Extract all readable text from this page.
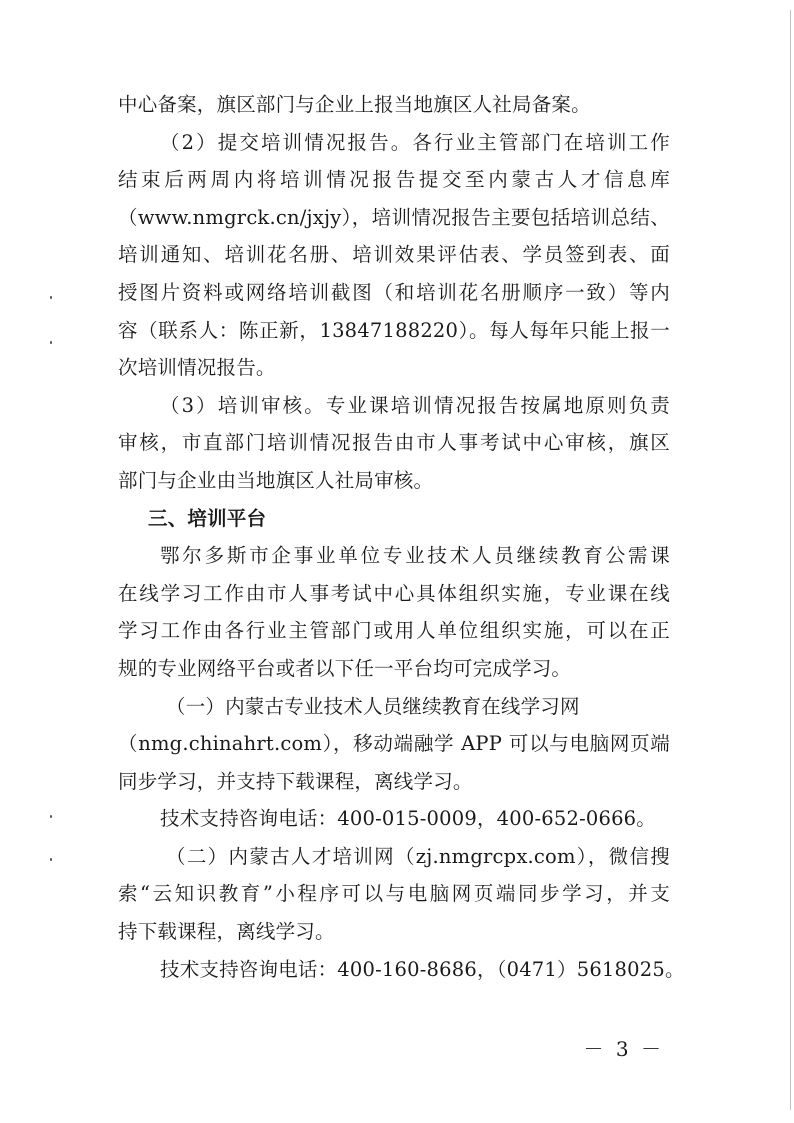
中心备案，旗区部门与企业上报当地旗区人社局备案。
（2）提交培训情况报告。各行业主管部门在培训工作
结束后两周内将培训情况报告提交至内蒙古人才信息库
（www.nmgrck.cn/jxjy），培训情况报告主要包括培训总结、
培训通知、培训花名册、培训效果评估表、学员签到表、面
授图片资料或网络培训截图（和培训花名册顺序一致）等内
容（联系人：陈正新，13847188220）。每人每年只能上报一
次培训情况报告。
（3）培训审核。专业课培训情况报告按属地原则负责
审核，市直部门培训情况报告由市人事考试中心审核，旗区
部门与企业由当地旗区人社局审核。
三、培训平台
鄂尔多斯市企事业单位专业技术人员继续教育公需课
在线学习工作由市人事考试中心具体组织实施，专业课在线
学习工作由各行业主管部门或用人单位组织实施，可以在正
规的专业网络平台或者以下任一平台均可完成学习。
（一）内蒙古专业技术人员继续教育在线学习网
（nmg.chinahrt.com），移动端融学 APP 可以与电脑网页端
同步学习，并支持下载课程，离线学习。
技术支持咨询电话：400-015-0009，400-652-0666。
（二）内蒙古人才培训网（zj.nmgrcpx.com），微信搜
索“云知识教育”小程序可以与电脑网页端同步学习，并支
持下载课程，离线学习。
技术支持咨询电话：400-160-8686，（0471）5618025。
－ 3 －
